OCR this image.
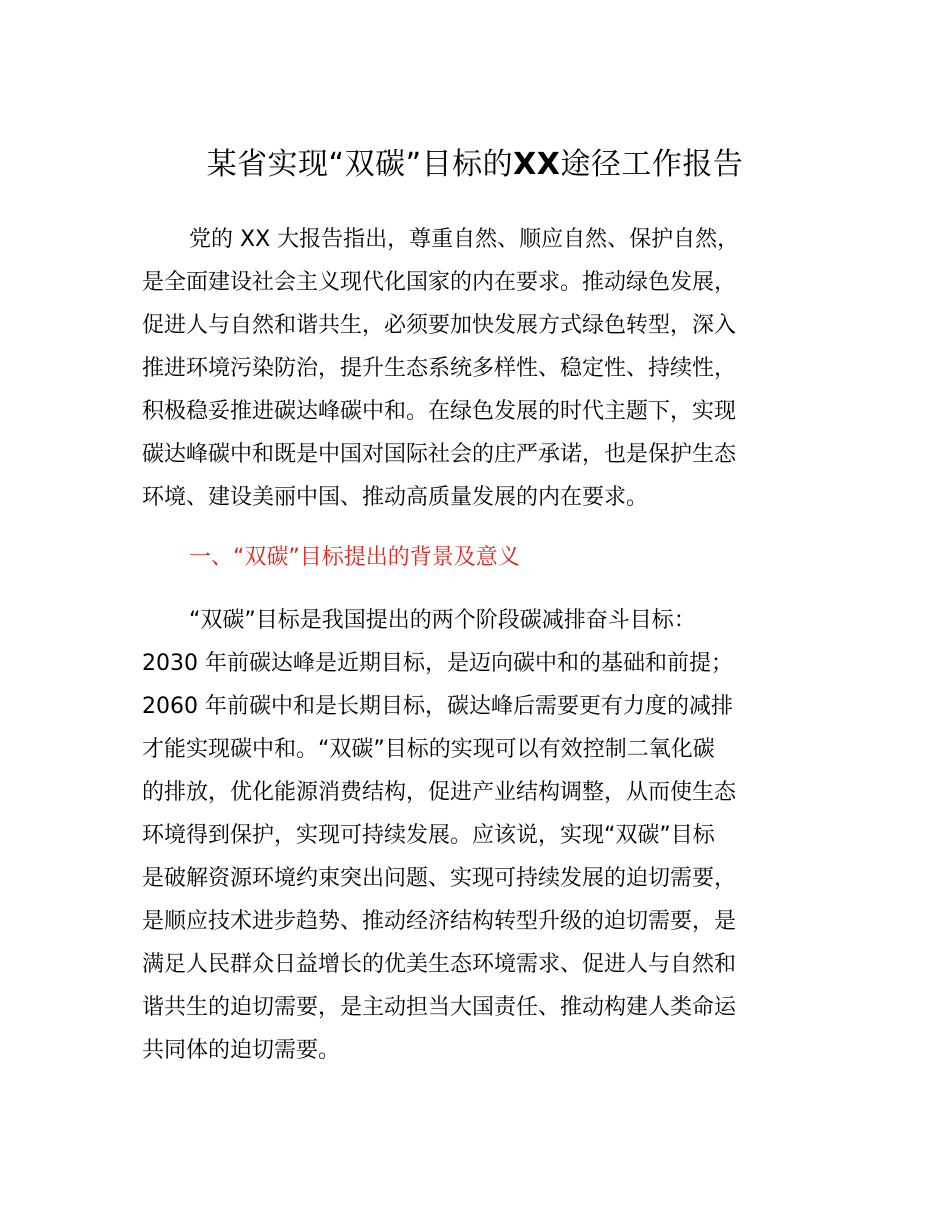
某省实现“双碳”目标的XX途径工作报告

党的 XX 大报告指出，尊重自然、顺应自然、保护自然，

是全面建设社会主义现代化国家的内在要求。推动绿色发展，

促进人与自然和谐共生，必须要加快发展方式绿色转型，深入

推进环境污染防治，提升生态系统多样性、稳定性、持续性，

积极稳妥推进碳达峰碳中和。在绿色发展的时代主题下，实现

碳达峰碳中和既是中国对国际社会的庄严承诺，也是保护生态

环境、建设美丽中国、推动高质量发展的内在要求。

一、“双碳”目标提出的背景及意义

“双碳”目标是我国提出的两个阶段碳减排奋斗目标：

2030 年前碳达峰是近期目标，是迈向碳中和的基础和前提；

2060 年前碳中和是长期目标，碳达峰后需要更有力度的减排

才能实现碳中和。“双碳”目标的实现可以有效控制二氧化碳

的排放，优化能源消费结构，促进产业结构调整，从而使生态

环境得到保护，实现可持续发展。应该说，实现“双碳”目标

是破解资源环境约束突出问题、实现可持续发展的迫切需要，

是顺应技术进步趋势、推动经济结构转型升级的迫切需要，是

满足人民群众日益增长的优美生态环境需求、促进人与自然和

谐共生的迫切需要，是主动担当大国责任、推动构建人类命运

共同体的迫切需要。
